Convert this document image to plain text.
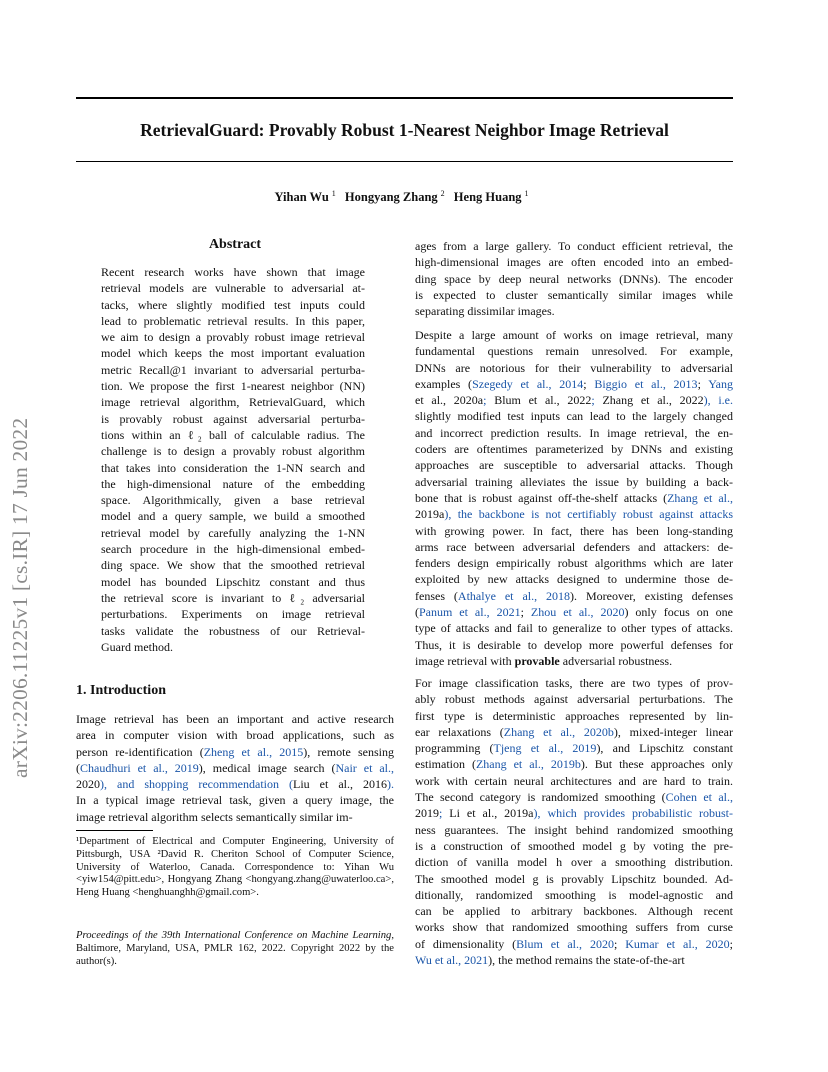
arXiv:2206.11225v1 [cs.IR] 17 Jun 2022
RetrievalGuard: Provably Robust 1-Nearest Neighbor Image Retrieval
Yihan Wu $^1$ Hongyang Zhang $^2$ Heng Huang $^1$
Abstract
Recent research works have shown that image
retrieval models are vulnerable to adversarial at-
tacks, where slightly modified test inputs could
lead to problematic retrieval results. In this paper,
we aim to design a provably robust image retrieval
model which keeps the most important evaluation
metric Recall@1 invariant to adversarial perturba-
tion. We propose the first 1-nearest neighbor (NN)
image retrieval algorithm, RetrievalGuard, which
is provably robust against adversarial perturba-
tions within an ℓ₂ ball of calculable radius. The
challenge is to design a provably robust algorithm
that takes into consideration the 1-NN search and
the high-dimensional nature of the embedding
space. Algorithmically, given a base retrieval
model and a query sample, we build a smoothed
retrieval model by carefully analyzing the 1-NN
search procedure in the high-dimensional embed-
ding space. We show that the smoothed retrieval
model has bounded Lipschitz constant and thus
the retrieval score is invariant to ℓ₂ adversarial
perturbations. Experiments on image retrieval
tasks validate the robustness of our Retrieval-
Guard method.
1. Introduction
Image retrieval has been an important and active research
area in computer vision with broad applications, such as
person re-identification (Zheng et al., 2015), remote sensing
(Chaudhuri et al., 2019), medical image search (Nair et al.,
2020), and shopping recommendation (Liu et al., 2016).
In a typical image retrieval task, given a query image, the
image retrieval algorithm selects semantically similar im-
¹Department of Electrical and Computer Engineering, University of Pittsburgh, USA ²David R. Cheriton School of Computer Science, University of Waterloo, Canada. Correspondence to: Yihan Wu <yiw154@pitt.edu>, Hongyang Zhang <hongyang.zhang@uwaterloo.ca>, Heng Huang <henghuanghh@gmail.com>.
Proceedings of the 39th International Conference on Machine Learning, Baltimore, Maryland, USA, PMLR 162, 2022. Copyright 2022 by the author(s).
ages from a large gallery. To conduct efficient retrieval, the
high-dimensional images are often encoded into an embed-
ding space by deep neural networks (DNNs). The encoder
is expected to cluster semantically similar images while
separating dissimilar images.
Despite a large amount of works on image retrieval, many
fundamental questions remain unresolved. For example,
DNNs are notorious for their vulnerability to adversarial
examples (Szegedy et al., 2014; Biggio et al., 2013; Yang
et al., 2020a; Blum et al., 2022; Zhang et al., 2022), i.e.
slightly modified test inputs can lead to the largely changed
and incorrect prediction results. In image retrieval, the en-
coders are oftentimes parameterized by DNNs and existing
approaches are susceptible to adversarial attacks. Though
adversarial training alleviates the issue by building a back-
bone that is robust against off-the-shelf attacks (Zhang et al.,
2019a), the backbone is not certifiably robust against attacks
with growing power. In fact, there has been long-standing
arms race between adversarial defenders and attackers: de-
fenders design empirically robust algorithms which are later
exploited by new attacks designed to undermine those de-
fenses (Athalye et al., 2018). Moreover, existing defenses
(Panum et al., 2021; Zhou et al., 2020) only focus on one
type of attacks and fail to generalize to other types of attacks.
Thus, it is desirable to develop more powerful defenses for
image retrieval with provable adversarial robustness.
For image classification tasks, there are two types of prov-
ably robust methods against adversarial perturbations. The
first type is deterministic approaches represented by lin-
ear relaxations (Zhang et al., 2020b), mixed-integer linear
programming (Tjeng et al., 2019), and Lipschitz constant
estimation (Zhang et al., 2019b). But these approaches only
work with certain neural architectures and are hard to train.
The second category is randomized smoothing (Cohen et al.,
2019; Li et al., 2019a), which provides probabilistic robust-
ness guarantees. The insight behind randomized smoothing
is a construction of smoothed model g by voting the pre-
diction of vanilla model h over a smoothing distribution.
The smoothed model g is provably Lipschitz bounded. Ad-
ditionally, randomized smoothing is model-agnostic and
can be applied to arbitrary backbones. Although recent
works show that randomized smoothing suffers from curse
of dimensionality (Blum et al., 2020; Kumar et al., 2020;
Wu et al., 2021), the method remains the state-of-the-art
